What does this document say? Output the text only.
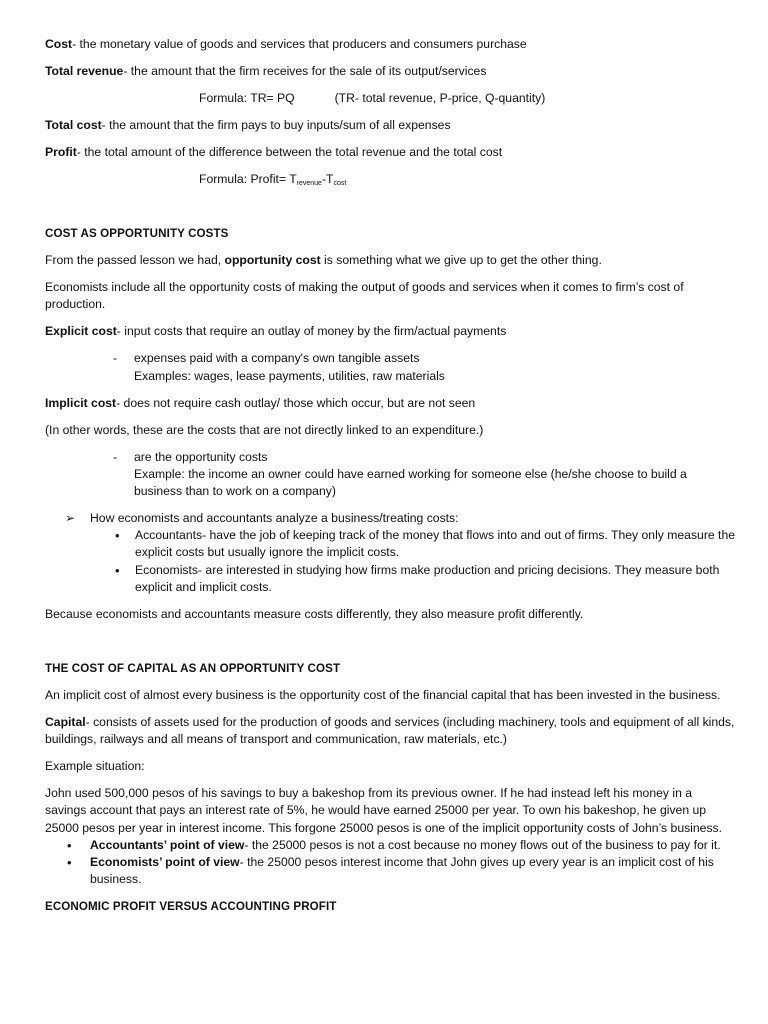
Cost- the monetary value of goods and services that producers and consumers purchase

Total revenue- the amount that the firm receives for the sale of its output/services

Formula: TR= PQ	(TR- total revenue, P-price, Q-quantity)

Total cost- the amount that the firm pays to buy inputs/sum of all expenses

Profit- the total amount of the difference between the total revenue and the total cost

Formula: Profit= $T_{revenue}-T_{cost}$

COST AS OPPORTUNITY COSTS

From the passed lesson we had, opportunity cost is something what we give up to get the other thing.

Economists include all the opportunity costs of making the output of goods and services when it comes to firm’s cost of production.

Explicit cost- input costs that require an outlay of money by the firm/actual payments

- expenses paid with a company's own tangible assets

Examples: wages, lease payments, utilities, raw materials

Implicit cost- does not require cash outlay/ those which occur, but are not seen

(In other words, these are the costs that are not directly linked to an expenditure.)

- are the opportunity costs

Example: the income an owner could have earned working for someone else (he/she choose to build a business than to work on a company)

➢ How economists and accountants analyze a business/treating costs:

• Accountants- have the job of keeping track of the money that flows into and out of firms. They only measure the explicit costs but usually ignore the implicit costs.
• Economists- are interested in studying how firms make production and pricing decisions. They measure both explicit and implicit costs.

Because economists and accountants measure costs differently, they also measure profit differently.

THE COST OF CAPITAL AS AN OPPORTUNITY COST

An implicit cost of almost every business is the opportunity cost of the financial capital that has been invested in the business.

Capital- consists of assets used for the production of goods and services (including machinery, tools and equipment of all kinds, buildings, railways and all means of transport and communication, raw materials, etc.)

Example situation:

John used 500,000 pesos of his savings to buy a bakeshop from its previous owner. If he had instead left his money in a savings account that pays an interest rate of 5%, he would have earned 25000 per year. To own his bakeshop, he given up 25000 pesos per year in interest income. This forgone 25000 pesos is one of the implicit opportunity costs of John’s business.

• Accountants’ point of view- the 25000 pesos is not a cost because no money flows out of the business to pay for it.
• Economists’ point of view- the 25000 pesos interest income that John gives up every year is an implicit cost of his business.

ECONOMIC PROFIT VERSUS ACCOUNTING PROFIT
